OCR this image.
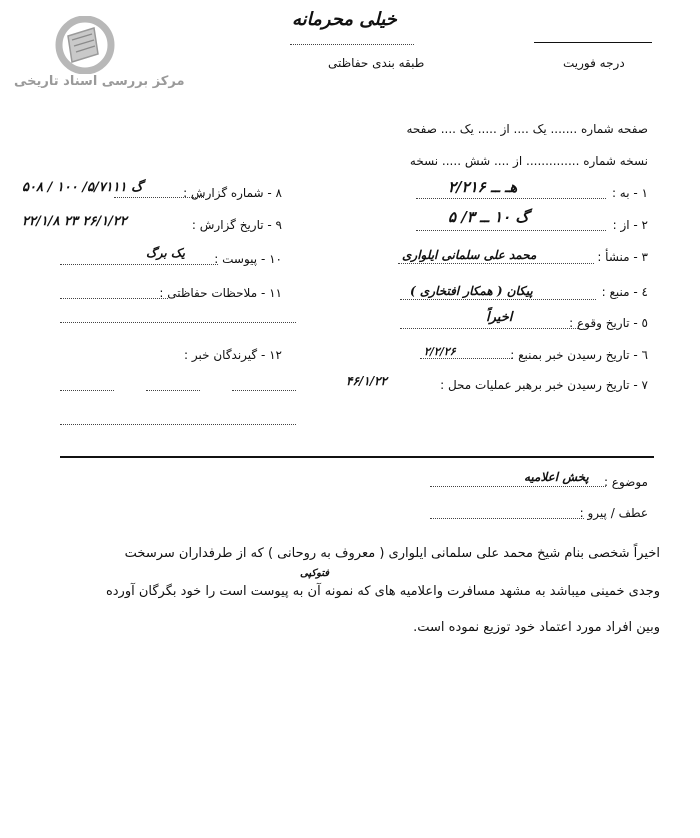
مرکز بررسی اسناد تاریخی
خیلی محرمانه
طبقه بندی حفاظتی	درجه فوریت
صفحه شماره ....... یک .... از ..... یک .... صفحه
نسخه شماره .............. از .... شش ..... نسخه
۱ - به :
۲/هـ ــ ۲۱۶
۲ - از :
گ ۱۰ ــ ۳/ ۵
۳ - منشأ :
محمد علی سلمانی ایلواری
٤ - منبع :
پیکان ( همکار افتخاری )
٥ - تاریخ وقوع :
اخیراً
٦ - تاریخ رسیدن خبر بمنبع :
۲/۲/۲۶
۷ - تاریخ رسیدن خبر برهبر عملیات محل :
۴۶/۱/۲۲
۸ - شماره گزارش :
۵۰۸ / ۱۰۰ /گ ۵/۷۱۱۱
۹ - تاریخ گزارش :
۲۲/۱/۸ ۲۳ ۲۶/۱/۲۲
۱۰ - پیوست :
یک برگ
۱۱ - ملاحظات حفاظتی :
۱۲ - گیرندگان خبر :
موضوع :
پخش اعلامیه
عطف / پیرو :
اخیراً شخصی بنام شیخ محمد علی سلمانی ایلواری ( معروف به روحانی ) که از طرفداران سرسخت
فتوکپی
وجدی خمینی میباشد به مشهد مسافرت واعلامیه های که نمونه آن به پیوست است را خود بگرگان آورده
وبین افراد مورد اعتماد خود توزیع نموده است.
